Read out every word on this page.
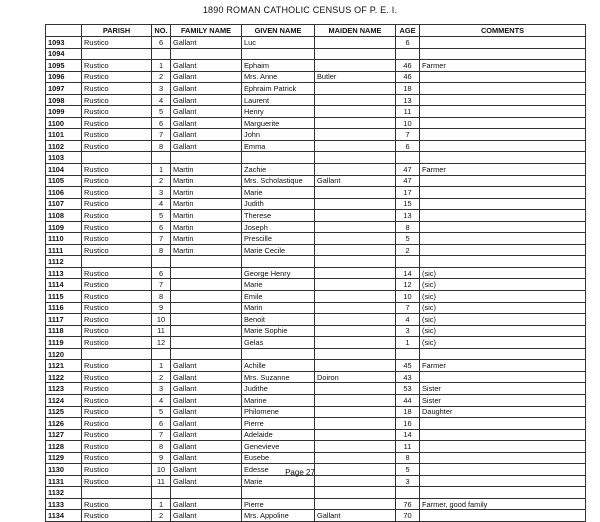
1890 ROMAN CATHOLIC CENSUS OF P. E. I.
	PARISH	NO.	FAMILY NAME	GIVEN NAME	MAIDEN NAME	AGE	COMMENTS
1093	Rustico	6	Gallant	Luc		6	
1094							
1095	Rustico	1	Gallant	Ephaim		46	Farmer
1096	Rustico	2	Gallant	Mrs. Anne	Butler	46	
1097	Rustico	3	Gallant	Ephraim Patrick		18	
1098	Rustico	4	Gallant	Laurent		13	
1099	Rustico	5	Gallant	Henry		11	
1100	Rustico	6	Gallant	Marguerite		10	
1101	Rustico	7	Gallant	John		7	
1102	Rustico	8	Gallant	Emma		6	
1103							
1104	Rustico	1	Martin	Zachie		47	Farmer
1105	Rustico	2	Martin	Mrs. Scholastique	Gallant	47	
1106	Rustico	3	Martin	Marie		17	
1107	Rustico	4	Martin	Judith		15	
1108	Rustico	5	Martin	Therese		13	
1109	Rustico	6	Martin	Joseph		8	
1110	Rustico	7	Martin	Prescille		5	
1111	Rustico	8	Martin	Marie Cecile		2	
1112							
1113	Rustico	6		George Henry		14	(sic)
1114	Rustico	7		Marie		12	(sic)
1115	Rustico	8		Emile		10	(sic)
1116	Rustico	9		Marin		7	(sic)
1117	Rustico	10		Benoit		4	(sic)
1118	Rustico	11		Marie Sophie		3	(sic)
1119	Rustico	12		Gelas		1	(sic)
1120							
1121	Rustico	1	Gallant	Achille		45	Farmer
1122	Rustico	2	Gallant	Mrs. Suzanne	Doiron	43	
1123	Rustico	3	Gallant	Judithe		53	Sister
1124	Rustico	4	Gallant	Marine		44	Sister
1125	Rustico	5	Gallant	Philomene		18	Daughter
1126	Rustico	6	Gallant	Pierre		16	
1127	Rustico	7	Gallant	Adelaide		14	
1128	Rustico	8	Gallant	Genevieve		11	
1129	Rustico	9	Gallant	Eusebe		8	
1130	Rustico	10	Gallant	Edesse		5	
1131	Rustico	11	Gallant	Marie		3	
1132							
1133	Rustico	1	Gallant	Pierre		76	Farmer, good family
1134	Rustico	2	Gallant	Mrs. Appoline	Gallant	70	
Page 27
